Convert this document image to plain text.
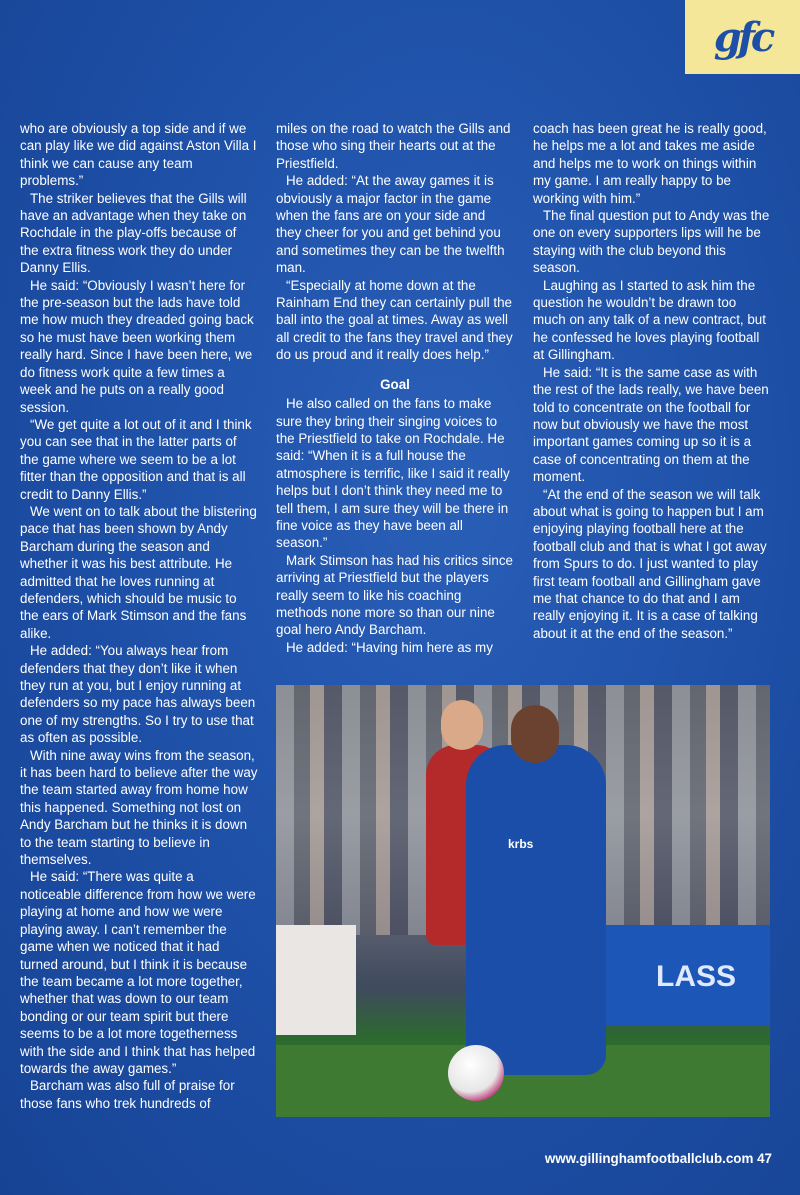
gfc

who are obviously a top side and if we can play like we did against Aston Villa I think we can cause any team problems.”

The striker believes that the Gills will have an advantage when they take on Rochdale in the play-offs because of the extra fitness work they do under Danny Ellis.

He said: “Obviously I wasn’t here for the pre-season but the lads have told me how much they dreaded going back so he must have been working them really hard. Since I have been here, we do fitness work quite a few times a week and he puts on a really good session.

“We get quite a lot out of it and I think you can see that in the latter parts of the game where we seem to be a lot fitter than the opposition and that is all credit to Danny Ellis.”

We went on to talk about the blistering pace that has been shown by Andy Barcham during the season and whether it was his best attribute. He admitted that he loves running at defenders, which should be music to the ears of Mark Stimson and the fans alike.

He added: “You always hear from defenders that they don’t like it when they run at you, but I enjoy running at defenders so my pace has always been one of my strengths. So I try to use that as often as possible.

With nine away wins from the season, it has been hard to believe after the way the team started away from home how this happened. Something not lost on Andy Barcham but he thinks it is down to the team starting to believe in themselves.

He said: “There was quite a noticeable difference from how we were playing at home and how we were playing away. I can’t remember the game when we noticed that it had turned around, but I think it is because the team became a lot more together, whether that was down to our team bonding or our team spirit but there seems to be a lot more togetherness with the side and I think that has helped towards the away games.”

Barcham was also full of praise for those fans who trek hundreds of

miles on the road to watch the Gills and those who sing their hearts out at the Priestfield.

He added: “At the away games it is obviously a major factor in the game when the fans are on your side and they cheer for you and get behind you and sometimes they can be the twelfth man.

“Especially at home down at the Rainham End they can certainly pull the ball into the goal at times. Away as well all credit to the fans they travel and they do us proud and it really does help.”

Goal

He also called on the fans to make sure they bring their singing voices to the Priestfield to take on Rochdale. He said: “When it is a full house the atmosphere is terrific, like I said it really helps but I don’t think they need me to tell them, I am sure they will be there in fine voice as they have been all season.”

Mark Stimson has had his critics since arriving at Priestfield but the players really seem to like his coaching methods none more so than our nine goal hero Andy Barcham.

He added: “Having him here as my

coach has been great he is really good, he helps me a lot and takes me aside and helps me to work on things within my game. I am really happy to be working with him.”

The final question put to Andy was the one on every supporters lips will he be staying with the club beyond this season.

Laughing as I started to ask him the question he wouldn’t be drawn too much on any talk of a new contract, but he confessed he loves playing football at Gillingham.

He said: “It is the same case as with the rest of the lads really, we have been told to concentrate on the football for now but obviously we have the most important games coming up so it is a case of concentrating on them at the moment.

“At the end of the season we will talk about what is going to happen but I am enjoying playing football here at the football club and that is what I got away from Spurs to do. I just wanted to play first team football and Gillingham gave me that chance to do that and I am really enjoying it. It is a case of talking about it at the end of the season.”

LASS
krbs
www.gillinghamfootballclub.com 47
